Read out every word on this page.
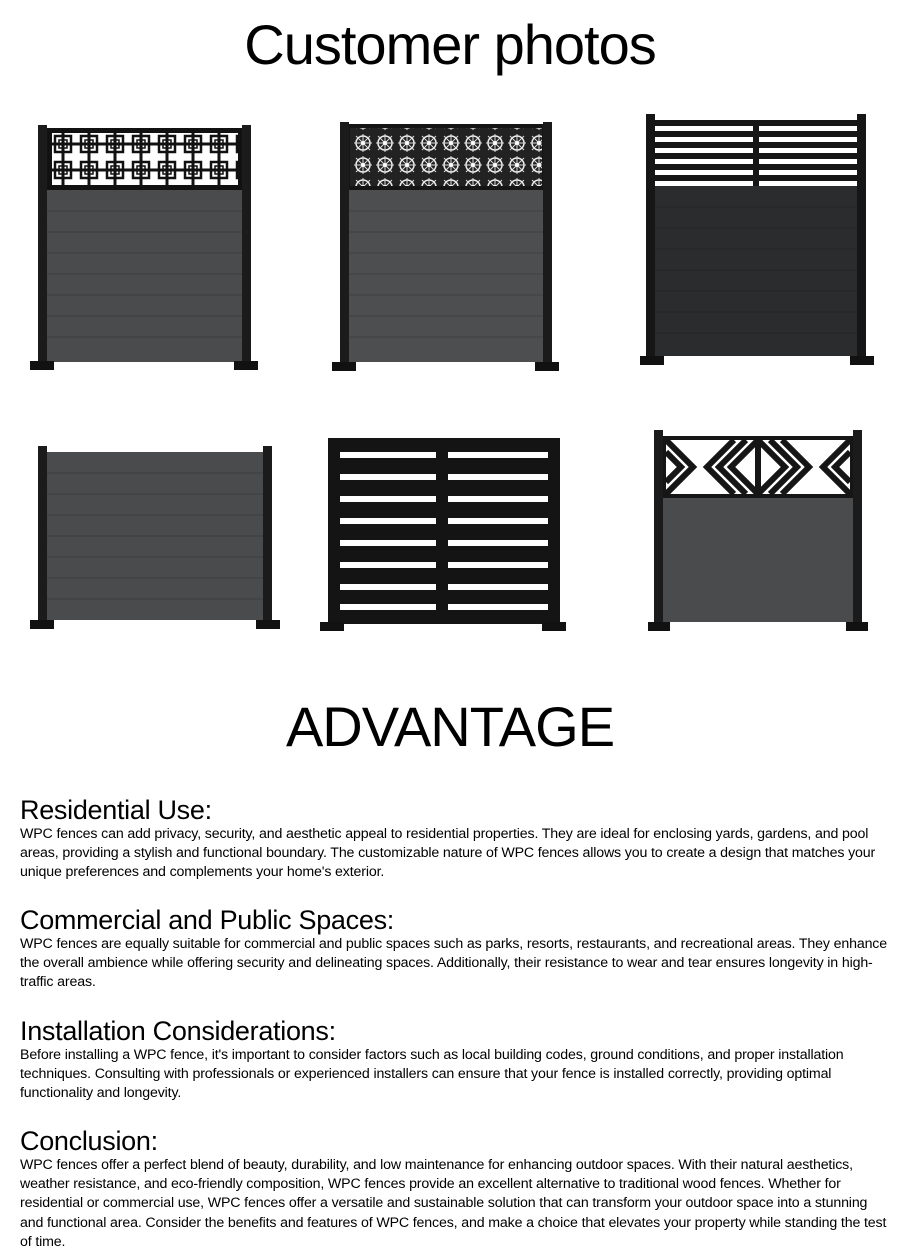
Customer photos
ADVANTAGE
Residential Use:

WPC fences can add privacy, security, and aesthetic appeal to residential properties. They are ideal for enclosing yards, gardens, and pool areas, providing a stylish and functional boundary. The customizable nature of WPC fences allows you to create a design that matches your unique preferences and complements your home's exterior.

Commercial and Public Spaces:

WPC fences are equally suitable for commercial and public spaces such as parks, resorts, restaurants, and recreational areas. They enhance the overall ambience while offering security and delineating spaces. Additionally, their resistance to wear and tear ensures longevity in high-traffic areas.

Installation Considerations:

Before installing a WPC fence, it's important to consider factors such as local building codes, ground conditions, and proper installation techniques. Consulting with professionals or experienced installers can ensure that your fence is installed correctly, providing optimal functionality and longevity.

Conclusion:

WPC fences offer a perfect blend of beauty, durability, and low maintenance for enhancing outdoor spaces. With their natural aesthetics, weather resistance, and eco-friendly composition, WPC fences provide an excellent alternative to traditional wood fences. Whether for residential or commercial use, WPC fences offer a versatile and sustainable solution that can transform your outdoor space into a stunning and functional area. Consider the benefits and features of WPC fences, and make a choice that elevates your property while standing the test of time.
